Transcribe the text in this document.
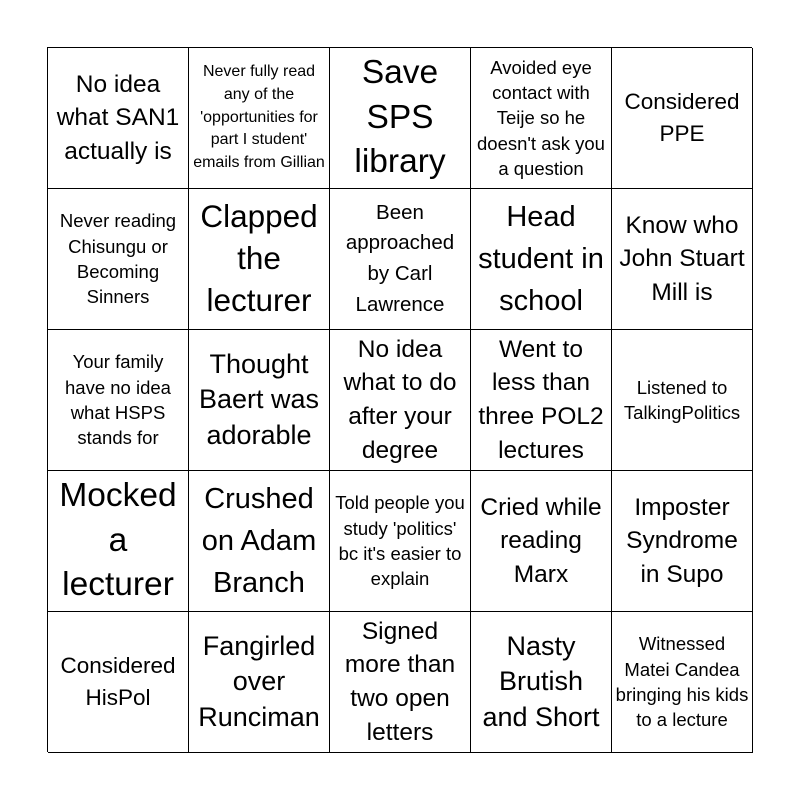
No idea what SAN1 actually is
Never fully read any of the 'opportunities for part I student' emails from Gillian
Save SPS library
Avoided eye contact with Teije so he doesn't ask you a question
Considered PPE
Never reading Chisungu or Becoming Sinners
Clapped the lecturer
Been approached by Carl Lawrence
Head student in school
Know who John Stuart Mill is
Your family have no idea what HSPS stands for
Thought Baert was adorable
No idea what to do after your degree
Went to less than three POL2 lectures
Listened to TalkingPolitics
Mocked a lecturer
Crushed on Adam Branch
Told people you study 'politics' bc it's easier to explain
Cried while reading Marx
Imposter Syndrome in Supo
Considered HisPol
Fangirled over Runciman
Signed more than two open letters
Nasty Brutish and Short
Witnessed Matei Candea bringing his kids to a lecture
